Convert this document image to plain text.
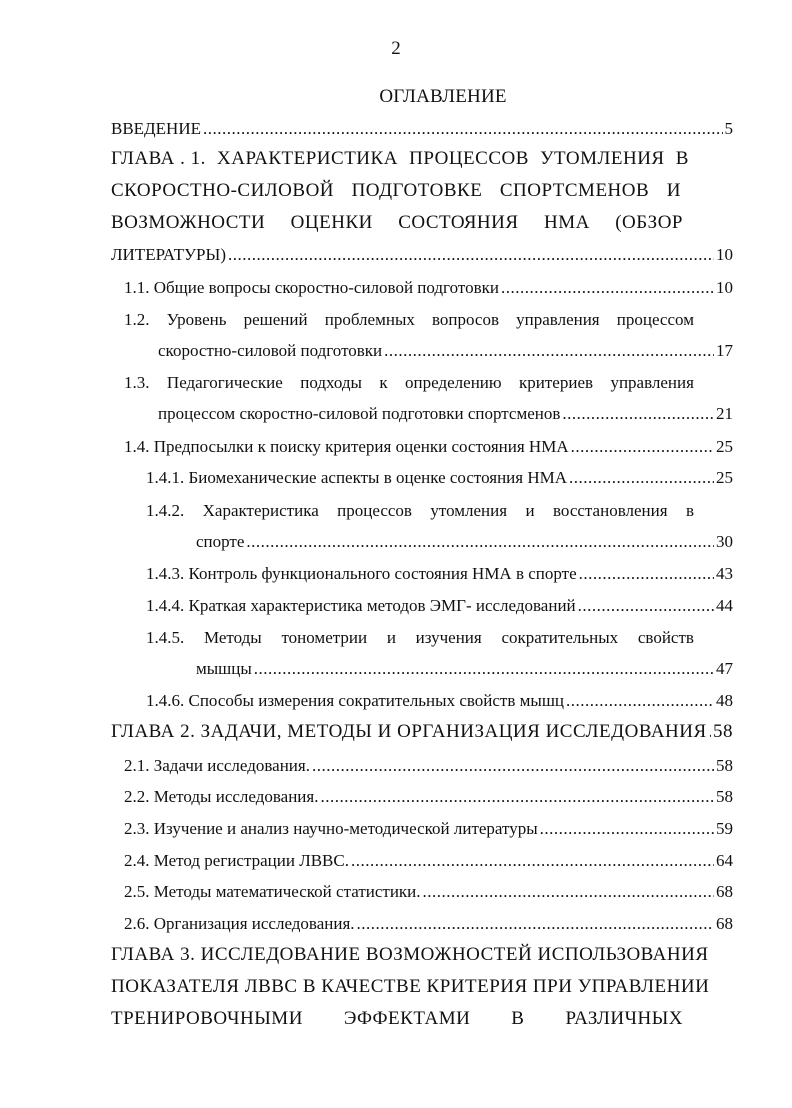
2
ОГЛАВЛЕНИЕ
ВВЕДЕНИЕ .....	5
ГЛАВА . 1. ХАРАКТЕРИСТИКА ПРОЦЕССОВ УТОМЛЕНИЯ В
СКОРОСТНО-СИЛОВОЙ ПОДГОТОВКЕ СПОРТСМЕНОВ И
ВОЗМОЖНОСТИ ОЦЕНКИ СОСТОЯНИЯ НМА (ОБЗОР
ЛИТЕРАТУРЫ) .....	10
1.1. Общие вопросы скоростно-силовой подготовки .....	10
1.2. Уровень решений проблемных вопросов управления процессом
скоростно-силовой подготовки .....	17
1.3. Педагогические подходы к определению критериев управления
процессом скоростно-силовой подготовки спортсменов .....	21
1.4. Предпосылки к поиску критерия оценки состояния НМА .....	25
1.4.1. Биомеханические аспекты в оценке состояния НМА .....	25
1.4.2. Характеристика процессов утомления и восстановления в
спорте .....	30
1.4.3. Контроль функционального состояния НМА в спорте .....	43
1.4.4. Краткая характеристика методов ЭМГ- исследований .....	44
1.4.5. Методы тонометрии и изучения сократительных свойств
мышцы .....	47
1.4.6. Способы измерения сократительных свойств мышц .....	48
ГЛАВА 2. ЗАДАЧИ, МЕТОДЫ И ОРГАНИЗАЦИЯ ИССЛЕДОВАНИЯ ..... 58
2.1. Задачи исследования. .....	58
2.2. Методы исследования. .....	58
2.3. Изучение и анализ научно-методической литературы .....	59
2.4. Метод регистрации ЛВВС. .....	64
2.5. Методы математической статистики. .....	68
2.6. Организация исследования. .....	68
ГЛАВА 3. ИССЛЕДОВАНИЕ ВОЗМОЖНОСТЕЙ ИСПОЛЬЗОВАНИЯ
ПОКАЗАТЕЛЯ ЛВВС В КАЧЕСТВЕ КРИТЕРИЯ ПРИ УПРАВЛЕНИИ
ТРЕНИРОВОЧНЫМИ ЭФФЕКТАМИ В РАЗЛИЧНЫХ
